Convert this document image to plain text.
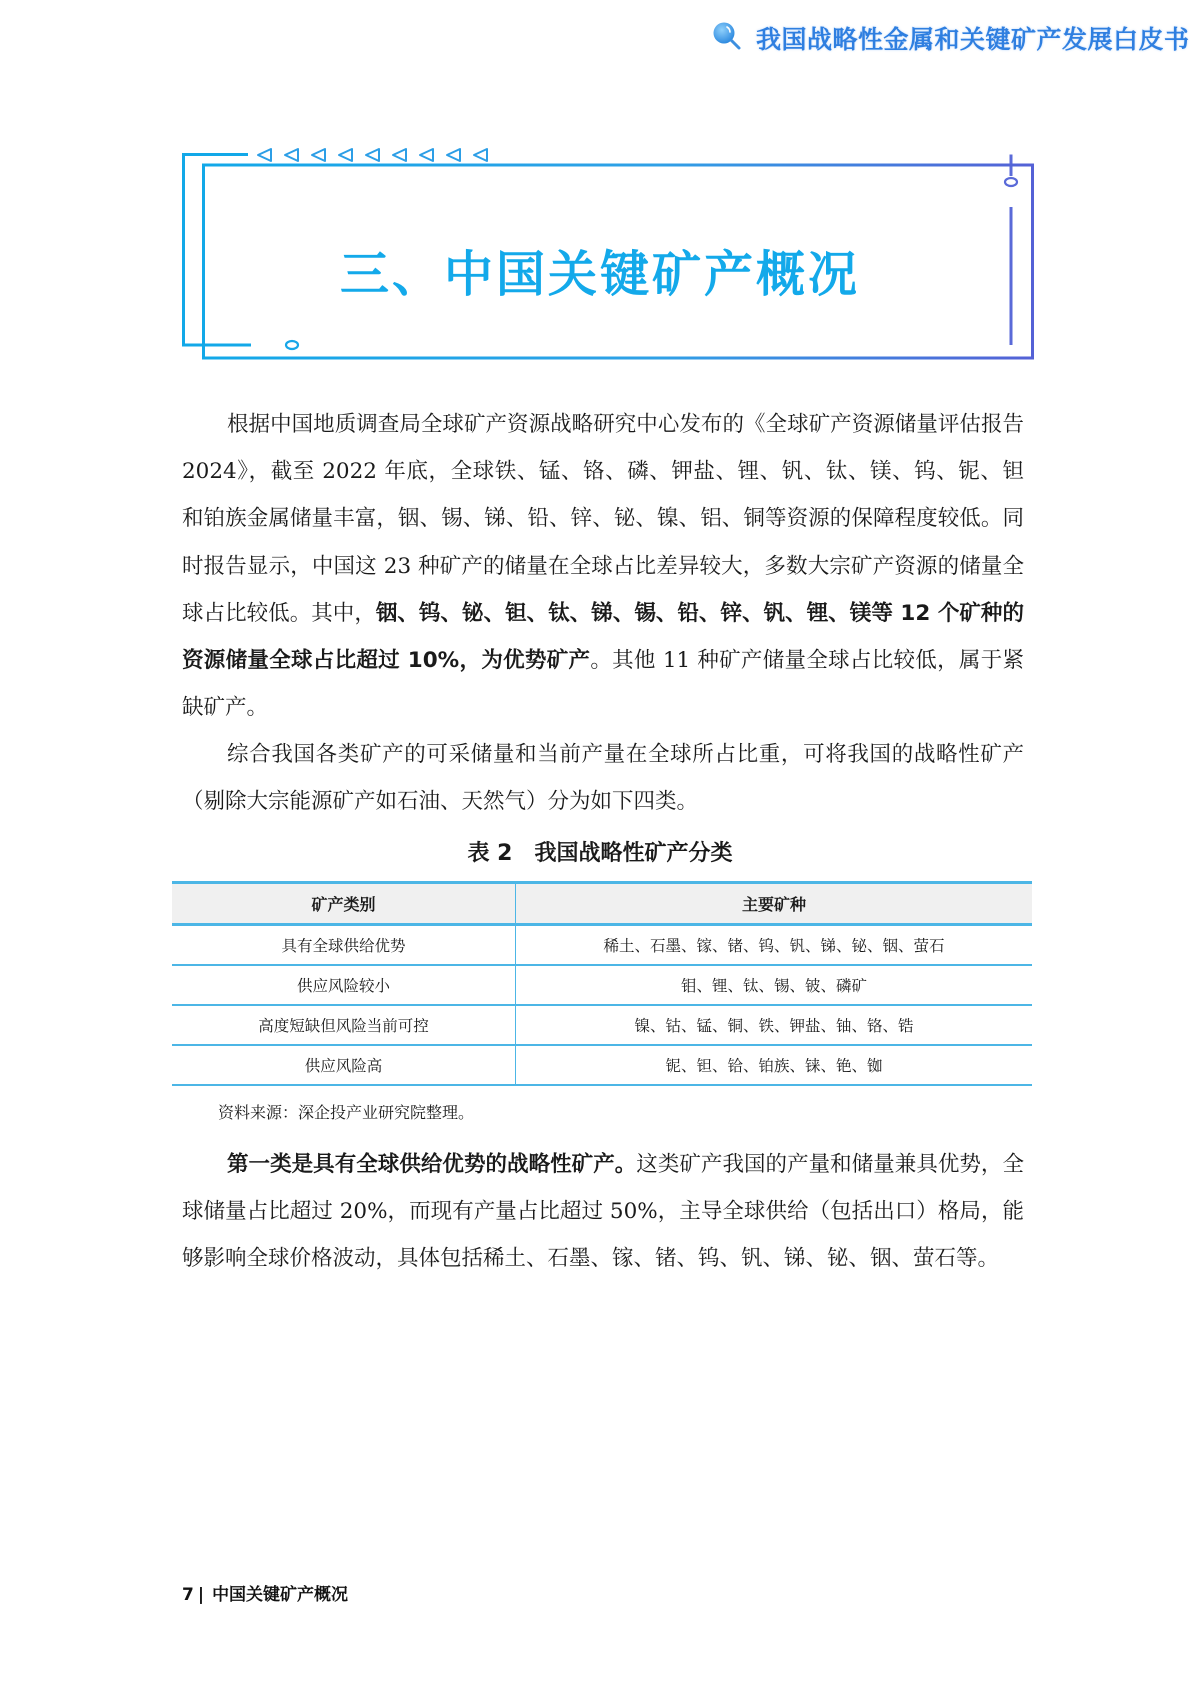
我国战略性金属和关键矿产发展白皮书
三、中国关键矿产概况

根据中国地质调查局全球矿产资源战略研究中心发布的《全球矿产资源储量评估报告 2024》，截至 2022 年底，全球铁、锰、铬、磷、钾盐、锂、钒、钛、镁、钨、铌、钽和铂族金属储量丰富，铟、锡、锑、铅、锌、铋、镍、铝、铜等资源的保障程度较低。同时报告显示，中国这 23 种矿产的储量在全球占比差异较大，多数大宗矿产资源的储量全球占比较低。其中，铟、钨、铋、钽、钛、锑、锡、铅、锌、钒、锂、镁等 12 个矿种的资源储量全球占比超过 10%，为优势矿产。其他 11 种矿产储量全球占比较低，属于紧缺矿产。

综合我国各类矿产的可采储量和当前产量在全球所占比重，可将我国的战略性矿产（剔除大宗能源矿产如石油、天然气）分为如下四类。

表 2　我国战略性矿产分类
矿产类别	主要矿种
具有全球供给优势	稀土、石墨、镓、锗、钨、钒、锑、铋、铟、萤石
供应风险较小	钼、锂、钛、锡、铍、磷矿
高度短缺但风险当前可控	镍、钴、锰、铜、铁、钾盐、铀、铬、锆
供应风险高	铌、钽、铪、铂族、铼、铯、铷
资料来源：深企投产业研究院整理。

第一类是具有全球供给优势的战略性矿产。这类矿产我国的产量和储量兼具优势，全球储量占比超过 20%，而现有产量占比超过 50%，主导全球供给（包括出口）格局，能够影响全球价格波动，具体包括稀土、石墨、镓、锗、钨、钒、锑、铋、铟、萤石等。

7 | 中国关键矿产概况
